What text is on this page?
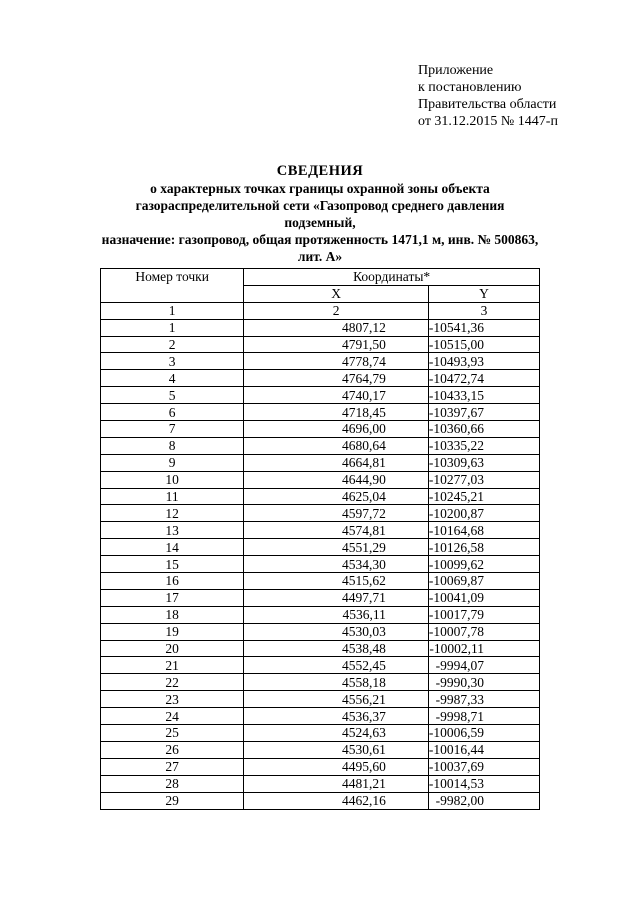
Приложение
к постановлению
Правительства области
от 31.12.2015 № 1447-п
СВЕДЕНИЯ
о характерных точках границы охранной зоны объекта
газораспределительной сети «Газопровод среднего давления подземный,
назначение: газопровод, общая протяженность 1471,1 м, инв. № 500863,
лит. А»
Номер точки	Координаты*	
	X	Y
1	2	3
1	4807,12	-10541,36
2	4791,50	-10515,00
3	4778,74	-10493,93
4	4764,79	-10472,74
5	4740,17	-10433,15
6	4718,45	-10397,67
7	4696,00	-10360,66
8	4680,64	-10335,22
9	4664,81	-10309,63
10	4644,90	-10277,03
11	4625,04	-10245,21
12	4597,72	-10200,87
13	4574,81	-10164,68
14	4551,29	-10126,58
15	4534,30	-10099,62
16	4515,62	-10069,87
17	4497,71	-10041,09
18	4536,11	-10017,79
19	4530,03	-10007,78
20	4538,48	-10002,11
21	4552,45	-9994,07
22	4558,18	-9990,30
23	4556,21	-9987,33
24	4536,37	-9998,71
25	4524,63	-10006,59
26	4530,61	-10016,44
27	4495,60	-10037,69
28	4481,21	-10014,53
29	4462,16	-9982,00
